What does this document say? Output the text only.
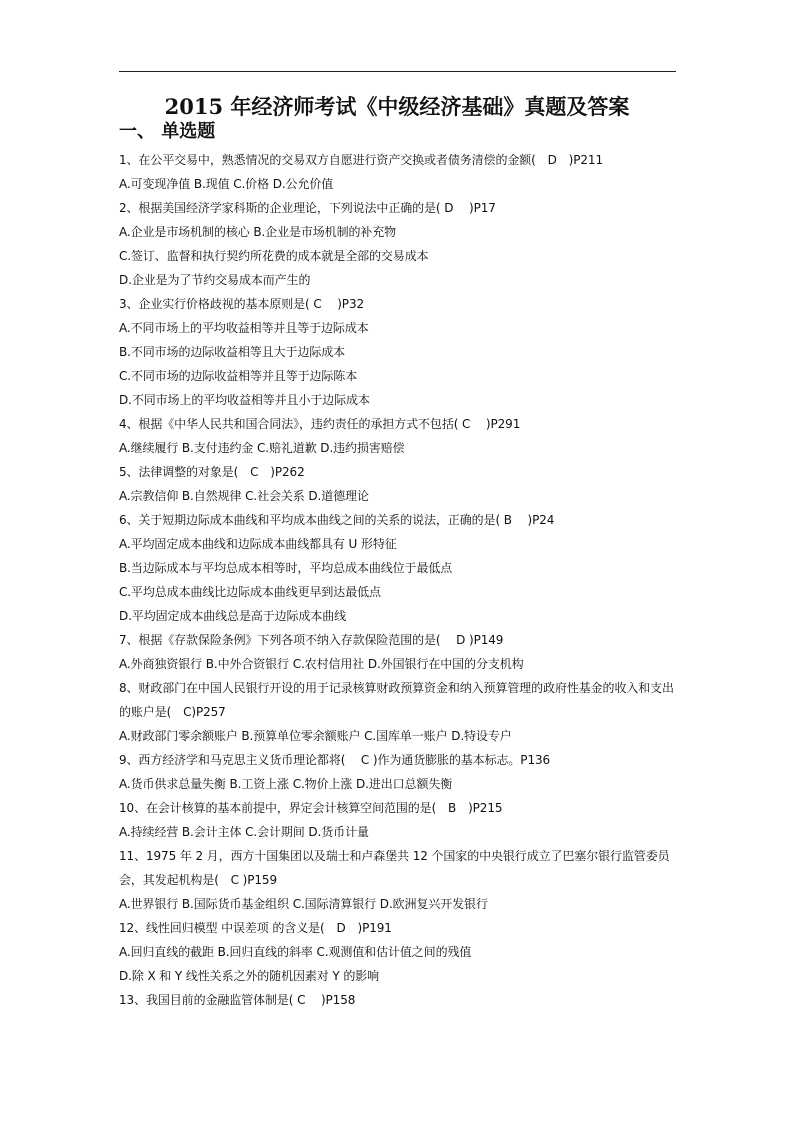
2015 年经济师考试《中级经济基础》真题及答案
一、 单选题
1、在公平交易中，熟悉情况的交易双方自愿进行资产交换或者债务清偿的金额(　D　)P211
A.可变现净值 B.现值 C.价格 D.公允价值
2、根据美国经济学家科斯的企业理论，下列说法中正确的是( D　 )P17
A.企业是市场机制的核心 B.企业是市场机制的补充物
C.签订、监督和执行契约所花费的成本就是全部的交易成本
D.企业是为了节约交易成本而产生的
3、企业实行价格歧视的基本原则是( C　 )P32
A.不同市场上的平均收益相等并且等于边际成本
B.不同市场的边际收益相等且大于边际成本
C.不同市场的边际收益相等并且等于边际陈本
D.不同市场上的平均收益相等并且小于边际成本
4、根据《中华人民共和国合同法》，违约责任的承担方式不包括( C　 )P291
A.继续履行 B.支付违约金 C.赔礼道歉 D.违约损害赔偿
5、法律调整的对象是(　C　)P262
A.宗教信仰 B.自然规律 C.社会关系 D.道德理论
6、关于短期边际成本曲线和平均成本曲线之间的关系的说法，正确的是( B　 )P24
A.平均固定成本曲线和边际成本曲线都具有 U 形特征
B.当边际成本与平均总成本相等时，平均总成本曲线位于最低点
C.平均总成本曲线比边际成本曲线更早到达最低点
D.平均固定成本曲线总是高于边际成本曲线
7、根据《存款保险条例》下列各项不纳入存款保险范围的是(　 D )P149
A.外商独资银行 B.中外合资银行 C.农村信用社 D.外国银行在中国的分支机构
8、财政部门在中国人民银行开设的用于记录核算财政预算资金和纳入预算管理的政府性基金的收入和支出的账户是(　C)P257
A.财政部门零余额账户 B.预算单位零余额账户 C.国库单一账户 D.特设专户
9、西方经济学和马克思主义货币理论都将(　 C )作为通货膨胀的基本标志。P136
A.货币供求总量失衡 B.工资上涨 C.物价上涨 D.进出口总额失衡
10、在会计核算的基本前提中，界定会计核算空间范围的是(　B　)P215
A.持续经营 B.会计主体 C.会计期间 D.货币计量
11、1975 年 2 月，西方十国集团以及瑞士和卢森堡共 12 个国家的中央银行成立了巴塞尔银行监管委员会，其发起机构是(　C )P159
A.世界银行 B.国际货币基金组织 C.国际清算银行 D.欧洲复兴开发银行
12、线性回归模型 中误差项 的含义是(　D　)P191
A.回归直线的截距 B.回归直线的斜率 C.观测值和估计值之间的残值
D.除 X 和 Y 线性关系之外的随机因素对 Y 的影响
13、我国目前的金融监管体制是( C　 )P158
